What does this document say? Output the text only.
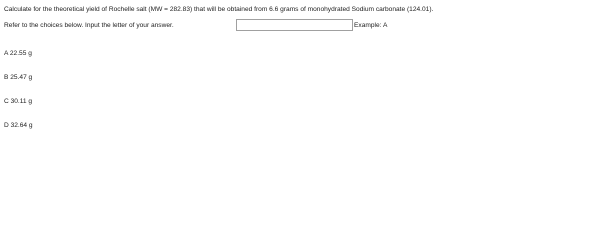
Calculate for the theoretical yield of Rochelle salt (MW = 282.83) that will be obtained from 6.6 grams of monohydrated Sodium carbonate (124.01).
Refer to the choices below. Input the letter of your answer.	Example: A
A 22.55 g
B 25.47 g
C 30.11 g
D 32.64 g
